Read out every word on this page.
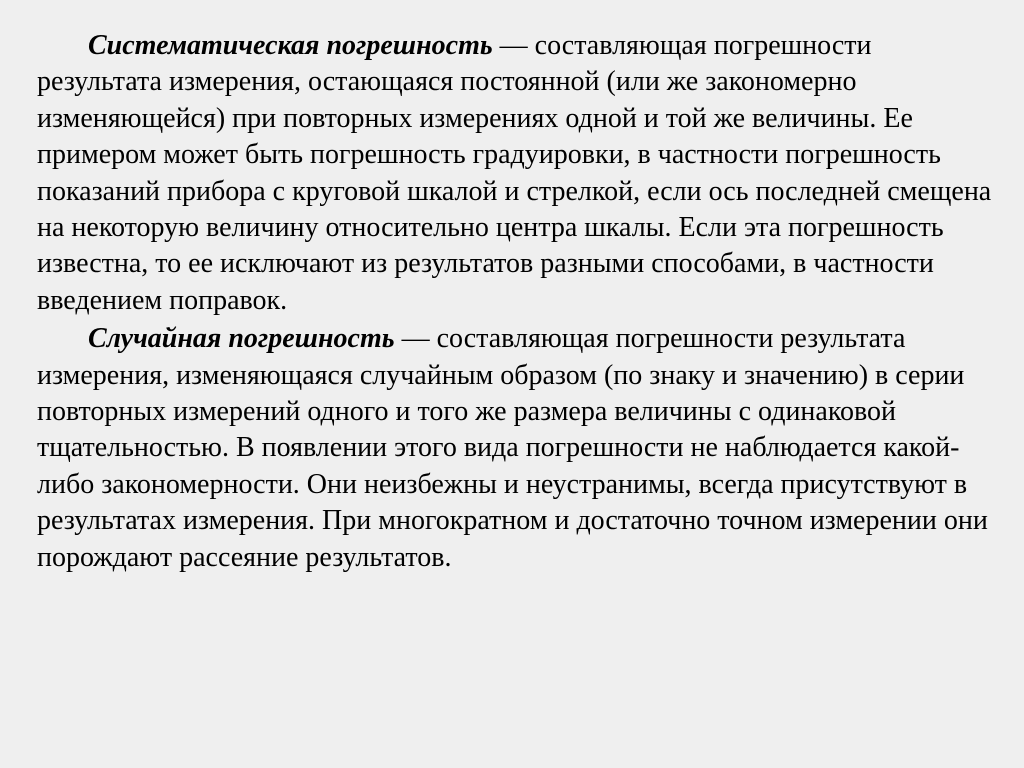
Систематическая погрешность — составляющая погрешности результата измерения, остающаяся постоянной (или же закономерно изменяющейся) при повторных измерениях одной и той же величины. Ее примером может быть погрешность градуировки, в частности погрешность показаний прибора с круговой шкалой и стрелкой, если ось последней смещена на некоторую величину относительно центра шкалы. Если эта погрешность известна, то ее исключают из результатов разными способами, в частности введением поправок.

Случайная погрешность — составляющая погрешности результата измерения, изменяющаяся случайным образом (по знаку и значению) в серии повторных измерений одного и того же размера величины с одинаковой тщательностью. В появлении этого вида погрешности не наблюдается какой-либо закономерности. Они неизбежны и неустранимы, всегда присутствуют в результатах измерения. При многократном и достаточно точном измерении они порождают рассеяние результатов.
